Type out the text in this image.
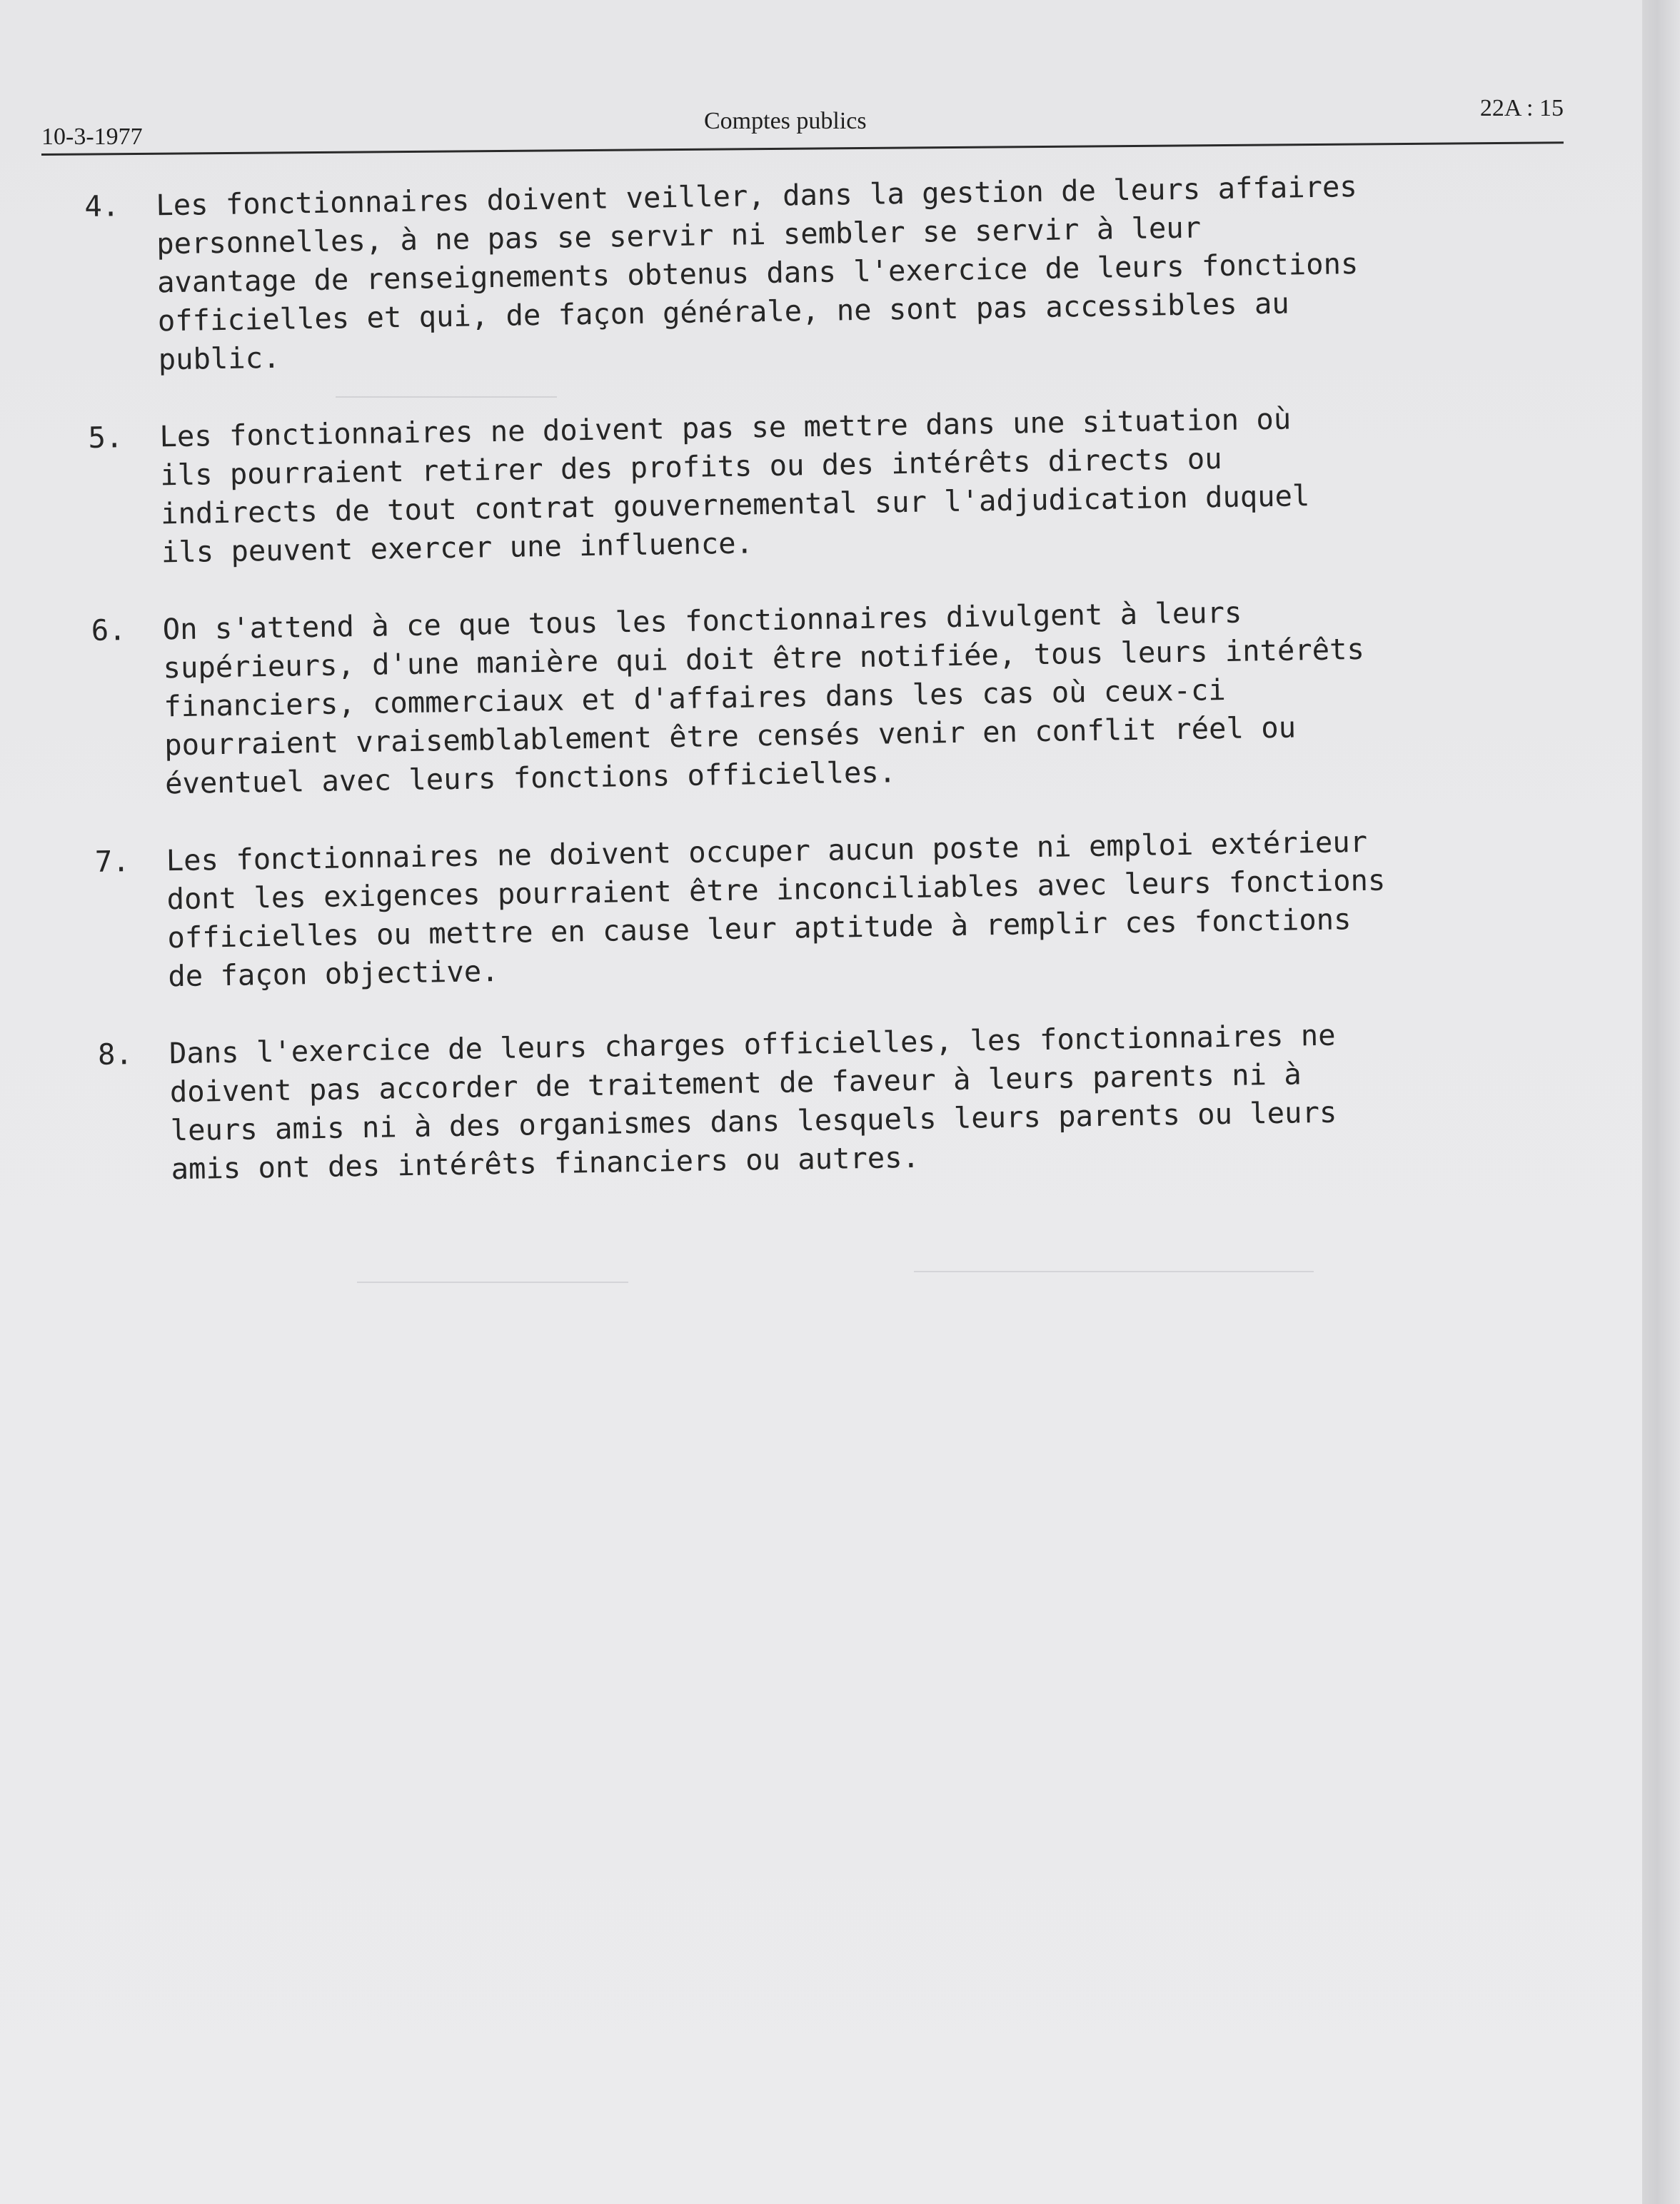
10-3-1977
Comptes publics	22A : 15
4.	Les fonctionnaires doivent veiller, dans la gestion de leurs affaires
personnelles, à ne pas se servir ni sembler se servir à leur
avantage de renseignements obtenus dans l'exercice de leurs fonctions
officielles et qui, de façon générale, ne sont pas accessibles au
public.
5.	Les fonctionnaires ne doivent pas se mettre dans une situation où
ils pourraient retirer des profits ou des intérêts directs ou
indirects de tout contrat gouvernemental sur l'adjudication duquel
ils peuvent exercer une influence.
6.	On s'attend à ce que tous les fonctionnaires divulgent à leurs
supérieurs, d'une manière qui doit être notifiée, tous leurs intérêts
financiers, commerciaux et d'affaires dans les cas où ceux-ci
pourraient vraisemblablement être censés venir en conflit réel ou
éventuel avec leurs fonctions officielles.
7.	Les fonctionnaires ne doivent occuper aucun poste ni emploi extérieur
dont les exigences pourraient être inconciliables avec leurs fonctions
officielles ou mettre en cause leur aptitude à remplir ces fonctions
de façon objective.
8.	Dans l'exercice de leurs charges officielles, les fonctionnaires ne
doivent pas accorder de traitement de faveur à leurs parents ni à
leurs amis ni à des organismes dans lesquels leurs parents ou leurs
amis ont des intérêts financiers ou autres.
